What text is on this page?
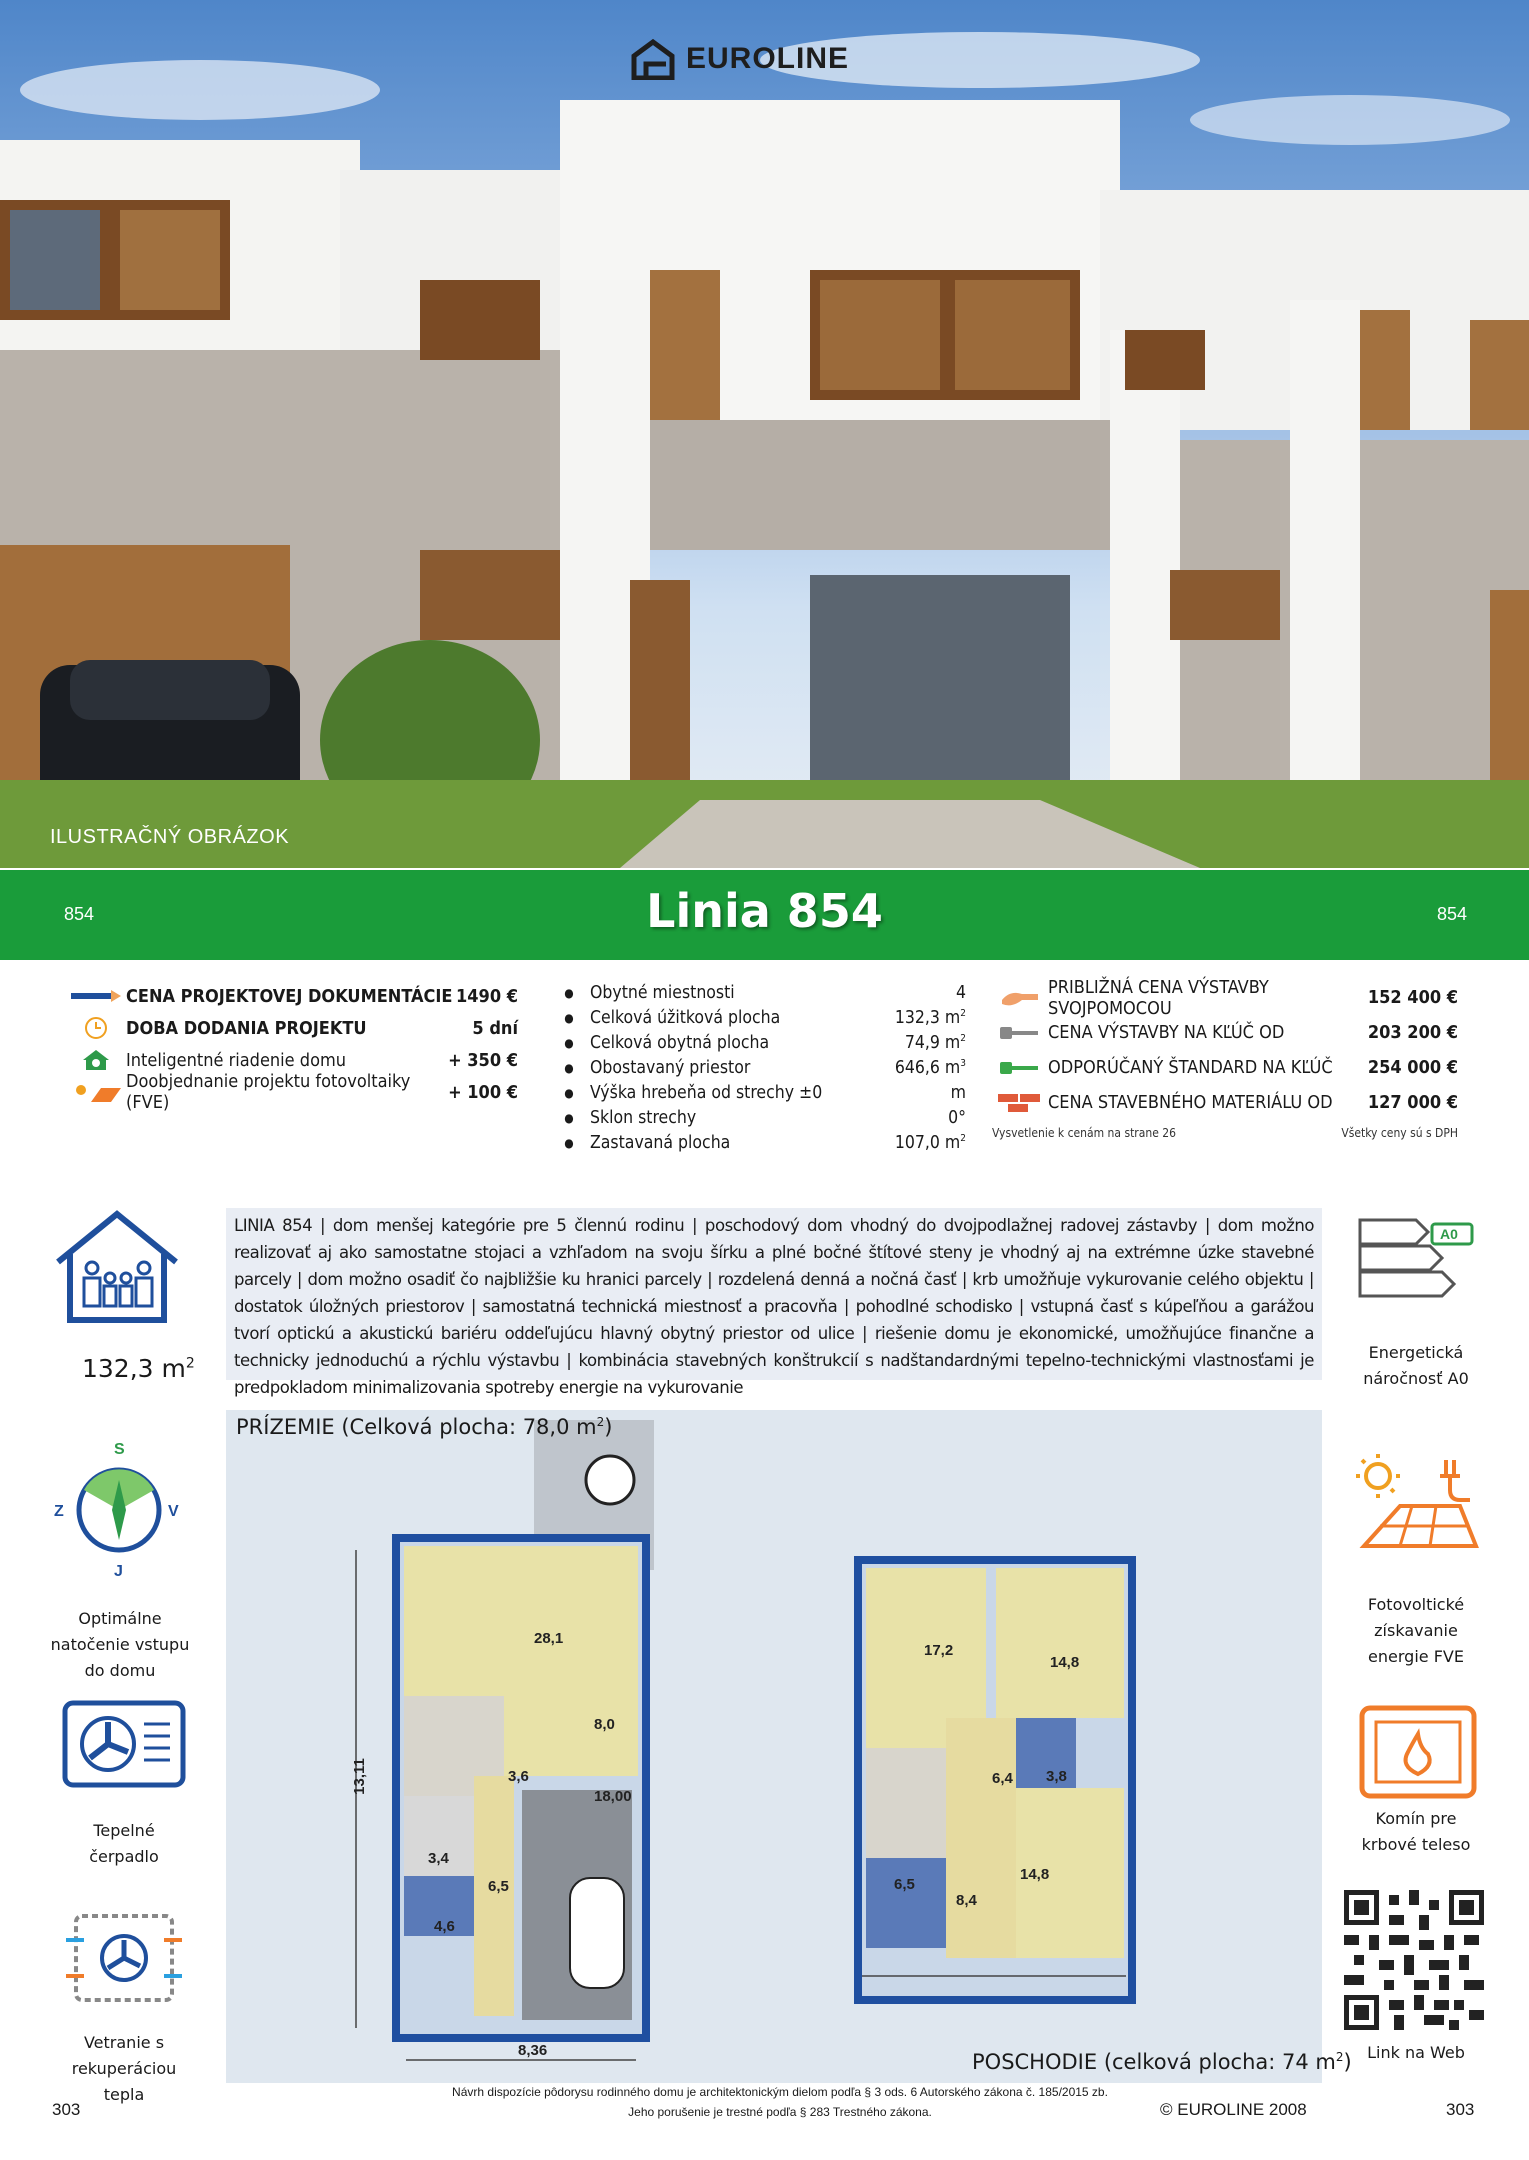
EUROLINE
ILUSTRAČNÝ OBRÁZOK
854	Linia 854	854
CENA PROJEKTOVEJ DOKUMENTÁCIE 1490 €
DOBA DODANIA PROJEKTU	5 dní
Inteligentné riadenie domu	+ 350 €
Doobjednanie projektu fotovoltaiky (FVE)	+ 100 €
● Obytné miestnosti	4
● Celková úžitková plocha	132,3 $m^2$
● Celková obytná plocha	74,9 $m^2$
● Obostavaný priestor	646,6 $m^3$
● Výška hrebeňa od strechy ±0	m
● Sklon strechy	0°
● Zastavaná plocha	107,0 $m^2$
PRIBLIŽNÁ CENA VÝSTAVBY SVOJPOMOCOU	152 400 €
CENA VÝSTAVBY NA KĽÚČ OD	203 200 €
ODPORÚČANÝ ŠTANDARD NA KĽÚČ	254 000 €
CENA STAVEBNÉHO MATERIÁLU OD	127 000 €
Vysvetlenie k cenám na strane 26	Všetky ceny sú s DPH
132,3 $m^2$
S
J
Z	V
Optimálne natočenie vstupu do domu
Tepelné čerpadlo
Vetranie s rekuperáciou tepla
LINIA 854 | dom menšej kategórie pre 5 člennú rodinu | poschodový dom vhodný do dvojpodlažnej radovej zástavby | dom možno realizovať aj ako samostatne stojaci a vzhľadom na svoju šírku a plné bočné štítové steny je vhodný aj na extrémne úzke stavebné parcely | dom možno osadiť čo najbližšie ku hranici parcely | rozdelená denná a nočná časť | krb umožňuje vykurovanie celého objektu | dostatok úložných priestorov | samostatná technická miestnosť a pracovňa | pohodlné schodisko | vstupná časť s kúpeľňou a garážou tvorí optickú a akustickú bariéru oddeľujúcu hlavný obytný priestor od ulice | riešenie domu je ekonomické, umožňujúce finančne a technicky jednoduchú a rýchlu výstavbu | kombinácia stavebných konštrukcií s nadštandardnými tepelno-technickými vlastnosťami je predpokladom minimalizovania spotreby energie na vykurovanie
A0
Energetická náročnosť A0
Fotovoltické získavanie energie FVE
Komín pre krbové teleso
Link na Web
28,1
8,0
3,6
18,00
3,4
6,5
4,6
13,11
8,36
17,2
14,8
6,4 3,8
6,5
14,8
8,4
PRÍZEMIE (Celková plocha: 78,0 $m^2$)
POSCHODIE (celková plocha: 74 $m^2$)
303
Návrh dispozície pôdorysu rodinného domu je architektonickým dielom podľa § 3 ods. 6 Autorského zákona č. 185/2015 zb.
Jeho porušenie je trestné podľa § 283 Trestného zákona.	© EUROLINE 2008	303
